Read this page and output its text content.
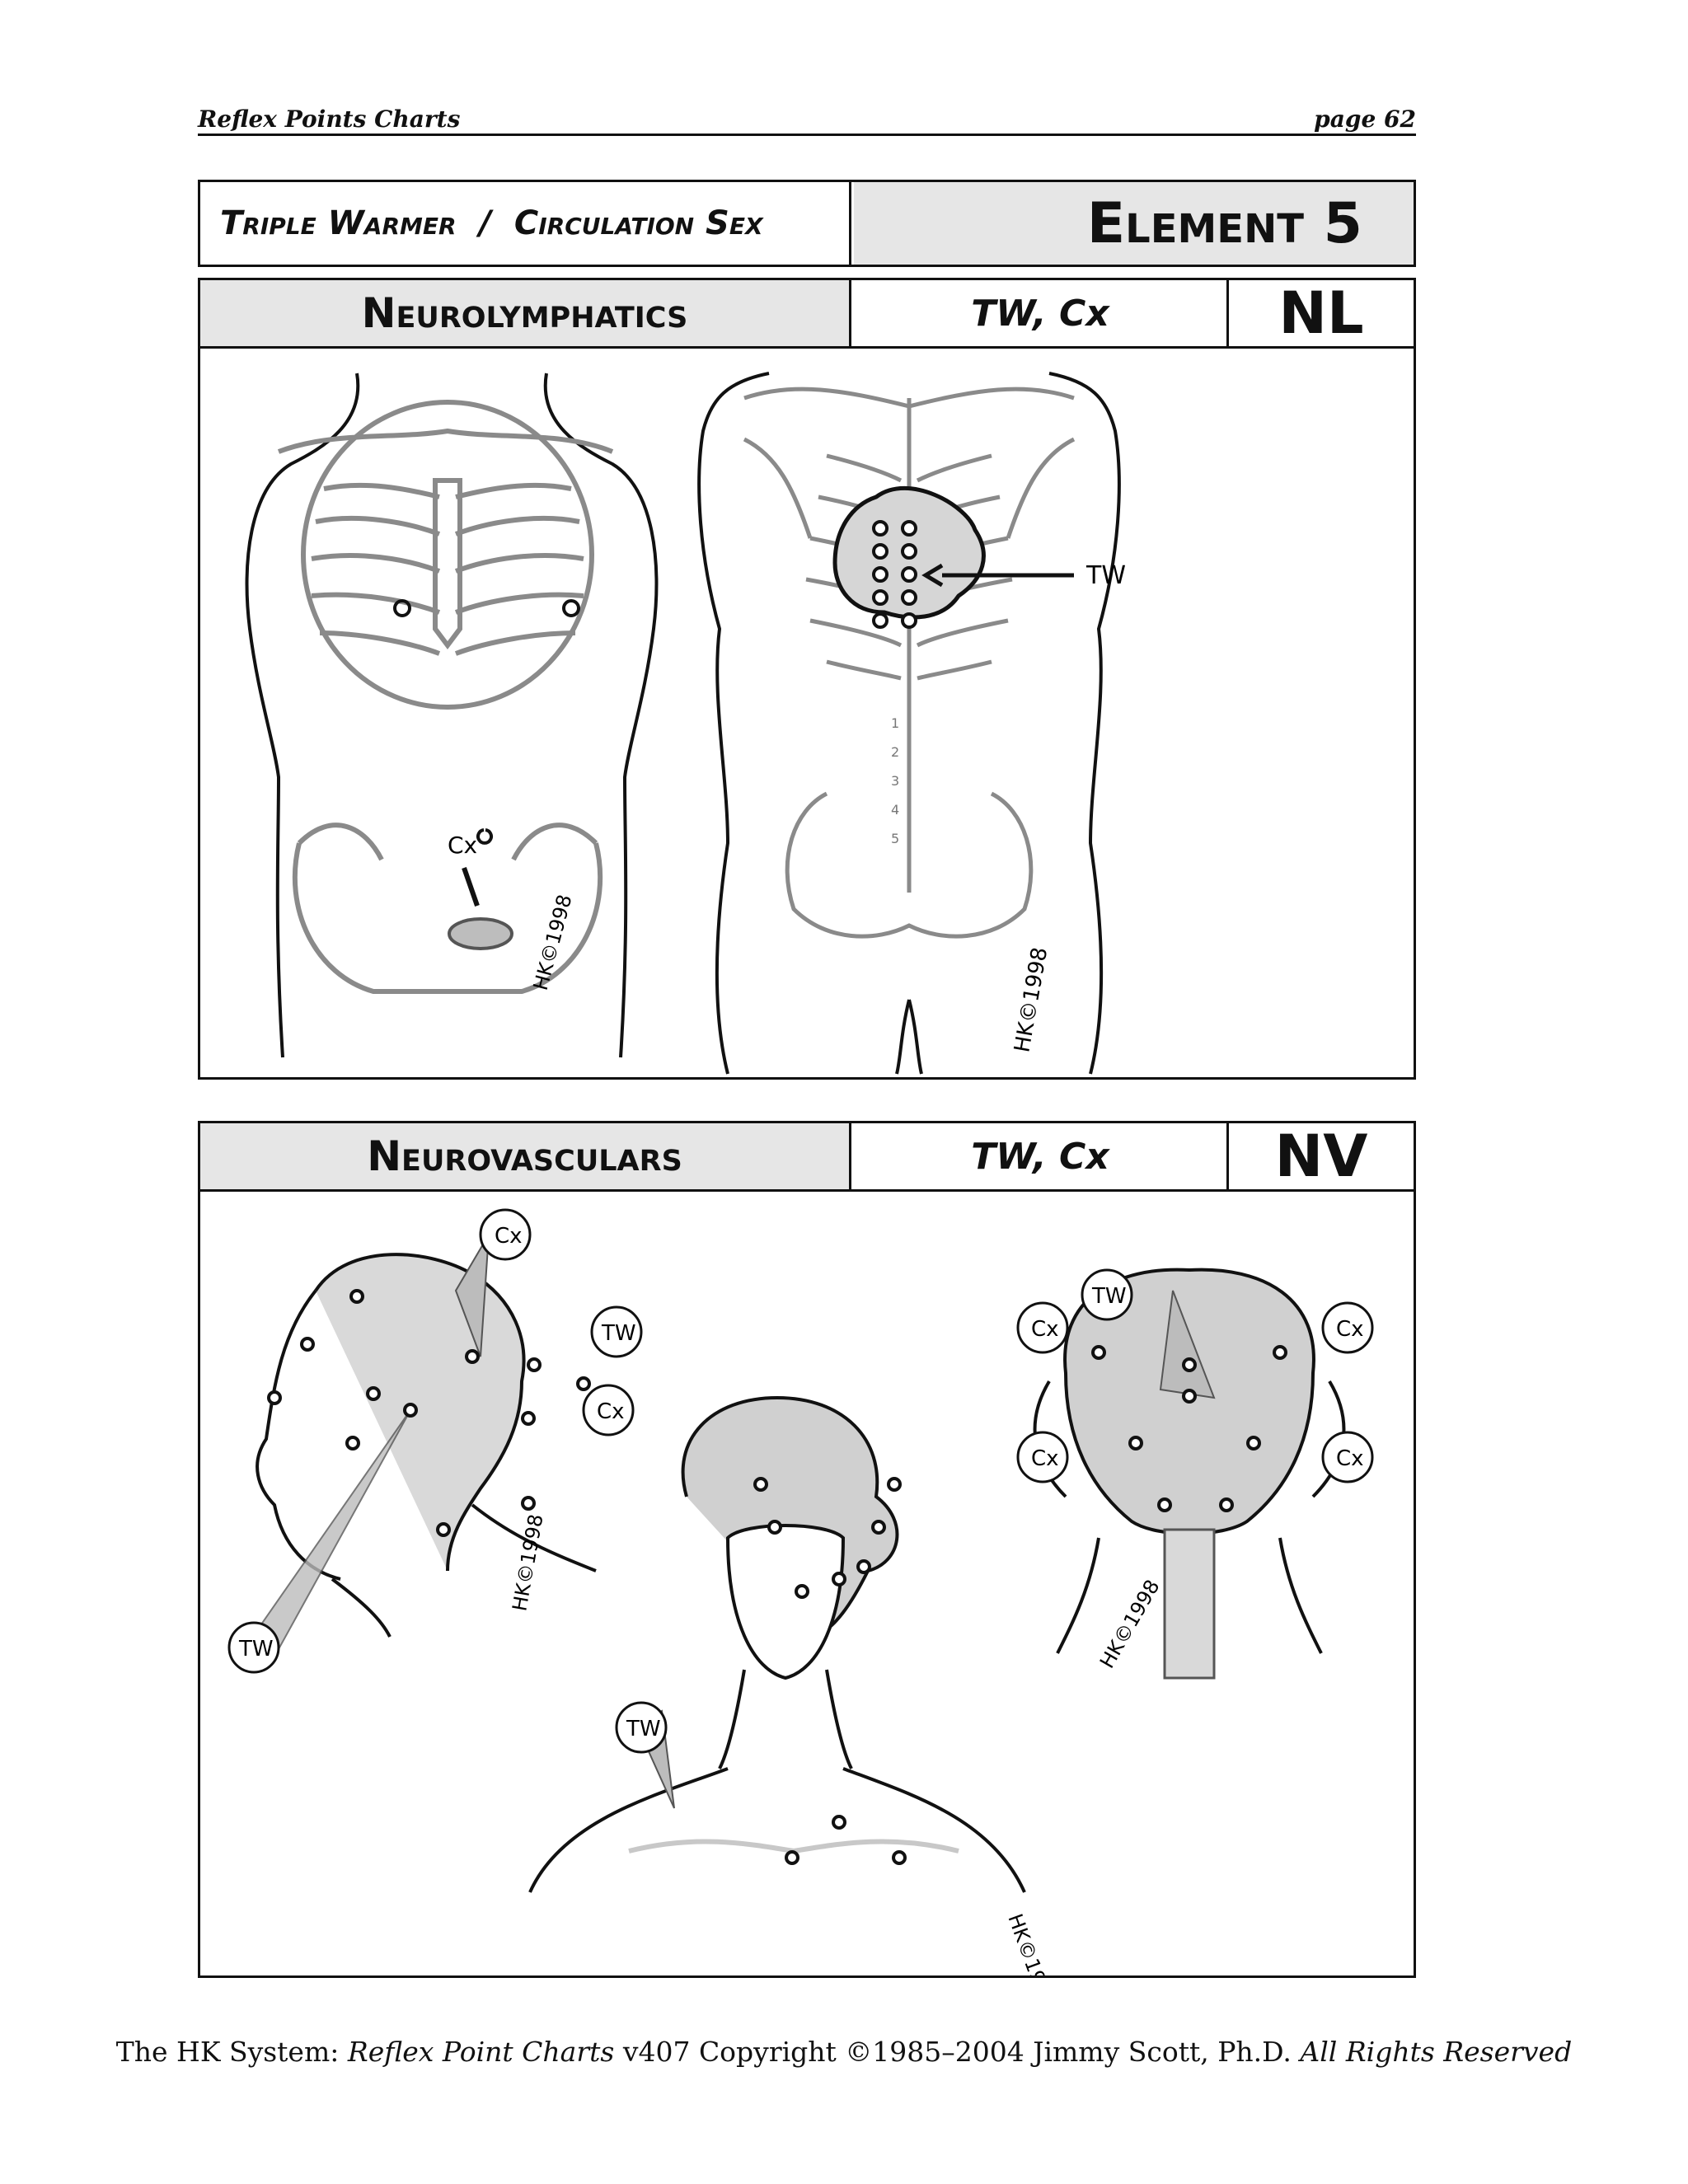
Reflex Points Charts	page 62
Triple Warmer  /  Circulation Sex	Element 5
Neurolymphatics	TW, Cx	NL
Cx
HK©1998
TW
1
2
3
4
5
HK©1998
Neurovasculars	TW, Cx	NV
Cx
TW
Cx
TW
HK©1998
TW
HK©1998
TW
Cx	Cx
Cx	Cx
HK©1998
The HK System: Reflex Point Charts v407 Copyright ©1985–2004 Jimmy Scott, Ph.D. All Rights Reserved
